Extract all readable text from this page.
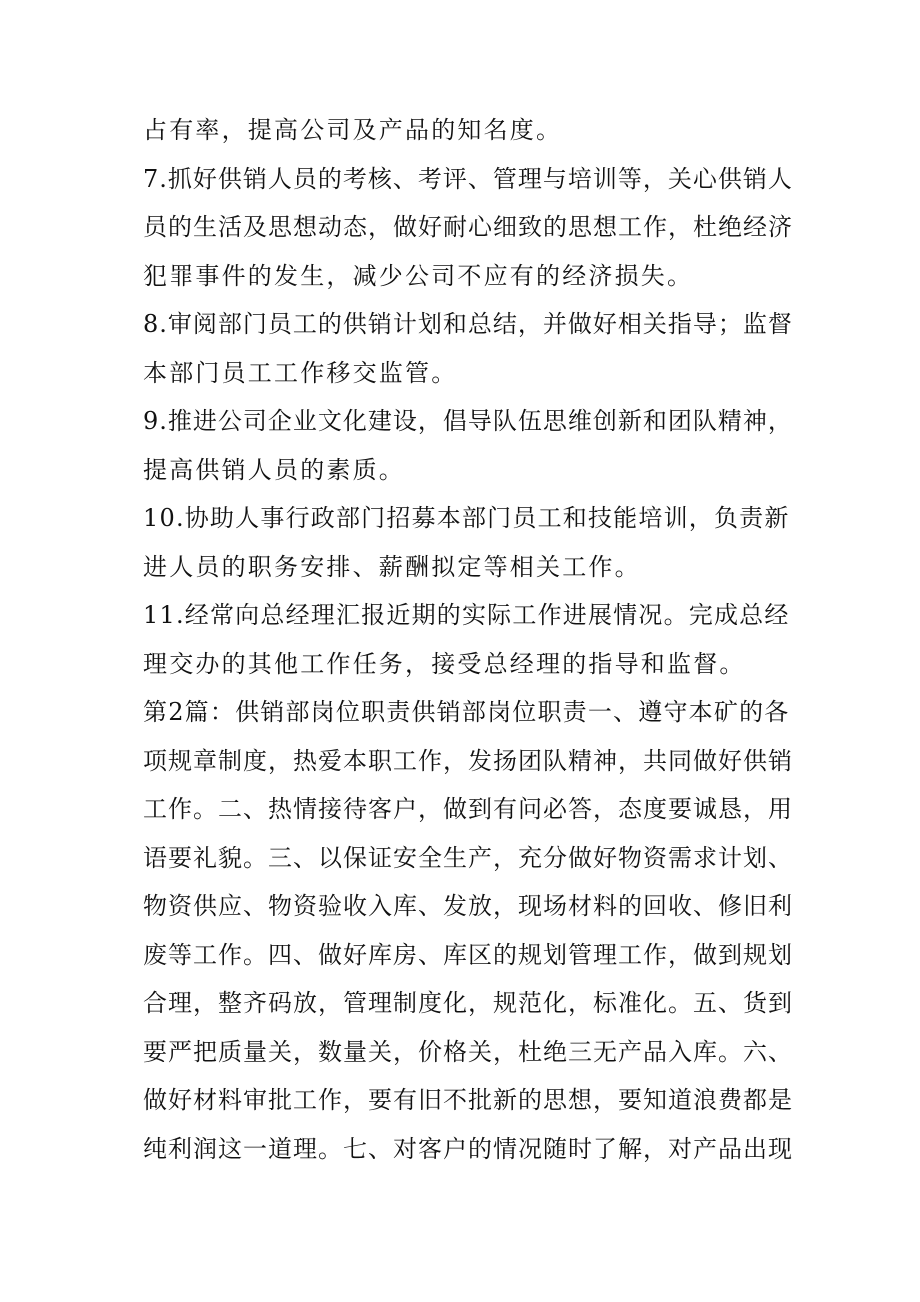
占有率，提高公司及产品的知名度。
7.抓好供销人员的考核、考评、管理与培训等，关心供销人
员的生活及思想动态，做好耐心细致的思想工作，杜绝经济
犯罪事件的发生，减少公司不应有的经济损失。
8.审阅部门员工的供销计划和总结，并做好相关指导；监督
本部门员工工作移交监管。
9.推进公司企业文化建设，倡导队伍思维创新和团队精神，
提高供销人员的素质。
10.协助人事行政部门招募本部门员工和技能培训，负责新
进人员的职务安排、薪酬拟定等相关工作。
11.经常向总经理汇报近期的实际工作进展情况。完成总经
理交办的其他工作任务，接受总经理的指导和监督。
第2篇：供销部岗位职责供销部岗位职责一、遵守本矿的各
项规章制度，热爱本职工作，发扬团队精神，共同做好供销
工作。二、热情接待客户，做到有问必答，态度要诚恳，用
语要礼貌。三、以保证安全生产，充分做好物资需求计划、
物资供应、物资验收入库、发放，现场材料的回收、修旧利
废等工作。四、做好库房、库区的规划管理工作，做到规划
合理，整齐码放，管理制度化，规范化，标准化。五、货到
要严把质量关，数量关，价格关，杜绝三无产品入库。六、
做好材料审批工作，要有旧不批新的思想，要知道浪费都是
纯利润这一道理。七、对客户的情况随时了解，对产品出现
